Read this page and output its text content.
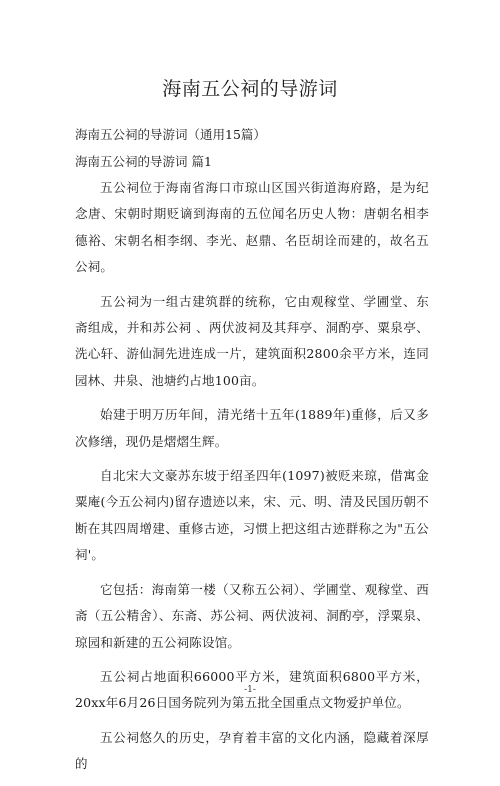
海南五公祠的导游词
海南五公祠的导游词（通用15篇）
海南五公祠的导游词 篇1

五公祠位于海南省海口市琼山区国兴街道海府路，是为纪念唐、宋朝时期贬谪到海南的五位闻名历史人物：唐朝名相李德裕、宋朝名相李纲、李光、赵鼎、名臣胡诠而建的，故名五公祠。

五公祠为一组古建筑群的统称，它由观稼堂、学圃堂、东斋组成，并和苏公祠 、两伏波祠及其拜亭、洞酌亭、粟泉亭、洗心轩、游仙洞先进连成一片，建筑面积2800余平方米，连同园林、井泉、池塘约占地100亩。

始建于明万历年间，清光绪十五年(1889年)重修，后又多次修缮，现仍是熠熠生辉。

自北宋大文豪苏东坡于绍圣四年(1097)被贬来琼，借寓金粟庵(今五公祠内)留存遗迹以来，宋、元、明、清及民国历朝不断在其四周增建、重修古迹，习惯上把这组古迹群称之为"五公祠'。

它包括：海南第一楼（又称五公祠）、学圃堂、观稼堂、西斋（五公精舍）、东斋、苏公祠、两伏波祠、洞酌亭，浮粟泉、琼园和新建的五公祠陈设馆。

五公祠占地面积66000平方米，建筑面积6800平方米，20xx年6月26日国务院列为第五批全国重点文物爱护单位。

五公祠悠久的历史，孕育着丰富的文化内涵，隐藏着深厚的

-1-
